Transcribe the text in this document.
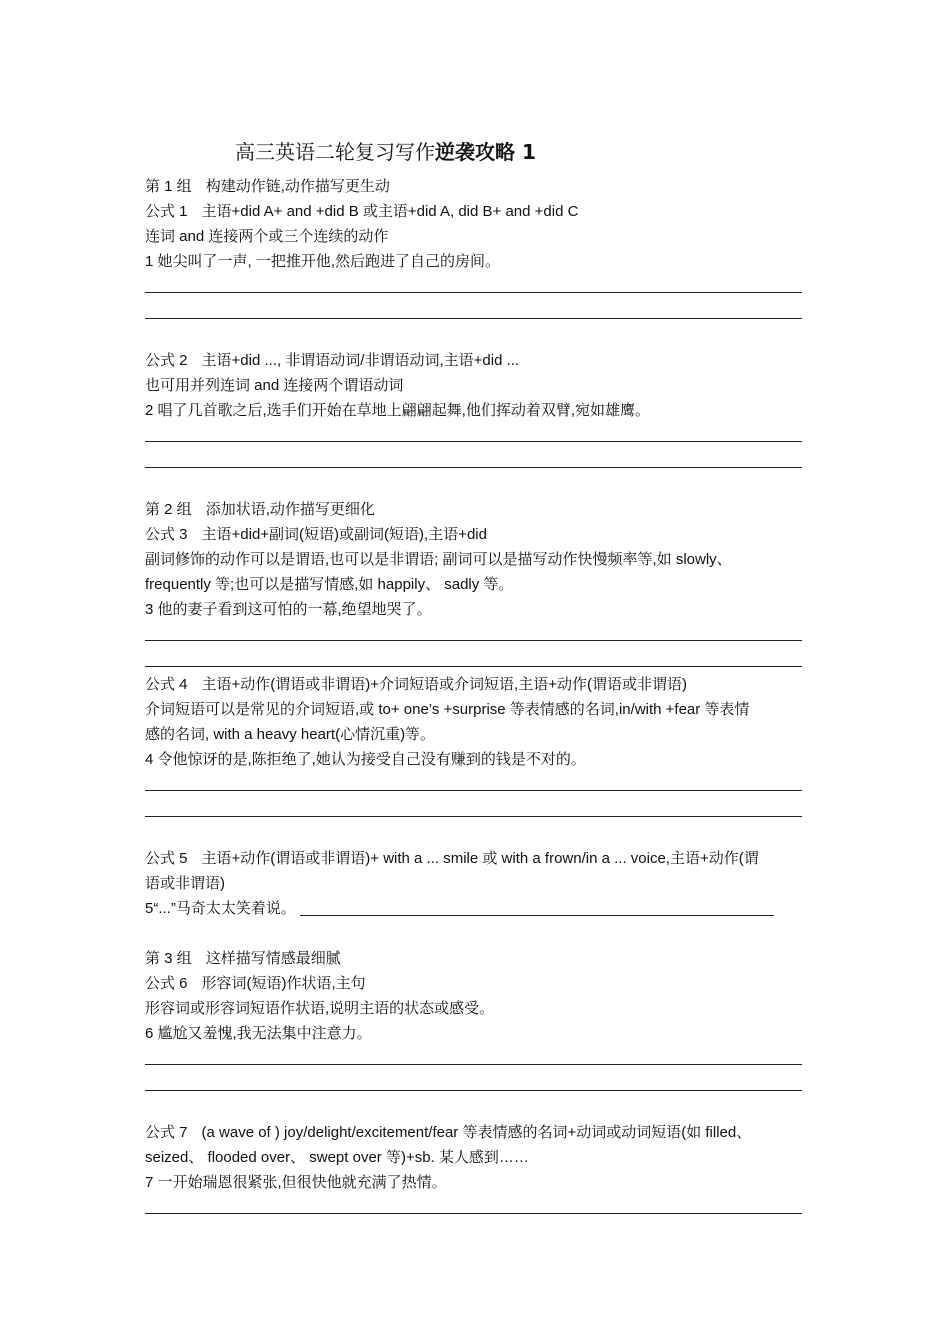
高三英语二轮复习写作逆袭攻略 1
第 1 组 构建动作链,动作描写更生动
公式 1 主语+did A+ and +did B 或主语+did A, did B+ and +did C
连词 and 连接两个或三个连续的动作
1 她尖叫了一声, 一把推开他,然后跑进了自己的房间。
公式 2 主语+did ..., 非谓语动词/非谓语动词,主语+did ...
也可用并列连词 and 连接两个谓语动词
2 唱了几首歌之后,选手们开始在草地上翩翩起舞,他们挥动着双臂,宛如雄鹰。
第 2 组 添加状语,动作描写更细化
公式 3 主语+did+副词(短语)或副词(短语),主语+did
副词修饰的动作可以是谓语,也可以是非谓语; 副词可以是描写动作快慢频率等,如 slowly、
frequently 等;也可以是描写情感,如 happily、 sadly 等。
3 他的妻子看到这可怕的一幕,绝望地哭了。
公式 4 主语+动作(谓语或非谓语)+介词短语或介词短语,主语+动作(谓语或非谓语)
介词短语可以是常见的介词短语,或 to+ one’s +surprise 等表情感的名词,in/with +fear 等表情
感的名词, with a heavy heart(心情沉重)等。
4 令他惊讶的是,陈拒绝了,她认为接受自己没有赚到的钱是不对的。
公式 5 主语+动作(谓语或非谓语)+ with a ... smile 或 with a frown/in a ... voice,主语+动作(谓
语或非谓语)
5“...”马奇太太笑着说。
第 3 组 这样描写情感最细腻
公式 6 形容词(短语)作状语,主句
形容词或形容词短语作状语,说明主语的状态或感受。
6 尴尬又羞愧,我无法集中注意力。
公式 7 (a wave of ) joy/delight/excitement/fear 等表情感的名词+动词或动词短语(如 filled、
seized、 flooded over、 swept over 等)+sb. 某人感到……
7 一开始瑞恩很紧张,但很快他就充满了热情。
